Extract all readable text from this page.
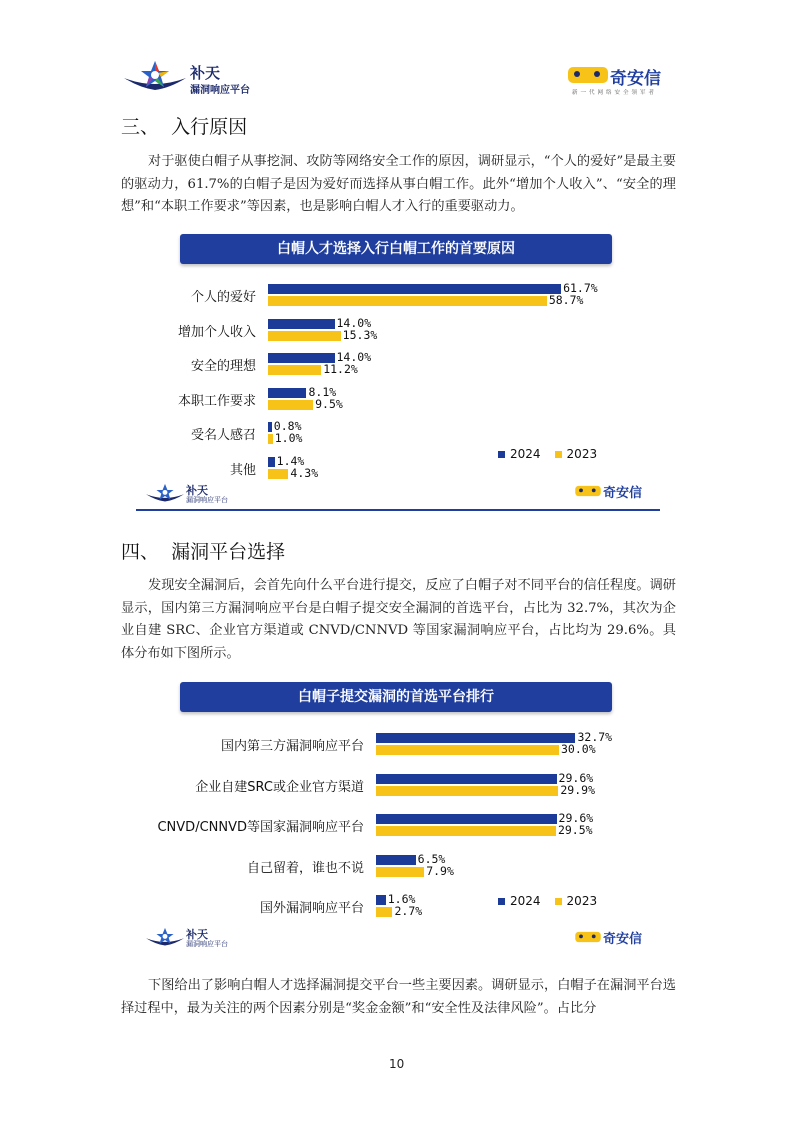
补天
漏洞响应平台
奇安信
新一代网络安全领军者
三、  入行原因
对于驱使白帽子从事挖洞、攻防等网络安全工作的原因，调研显示，“个人的爱好”是最主要的驱动力，61.7%的白帽子是因为爱好而选择从事白帽工作。此外“增加个人收入”、“安全的理想”和“本职工作要求”等因素，也是影响白帽人才入行的重要驱动力。
白帽人才选择入行白帽工作的首要原因
个人的爱好
61.7%
58.7%
增加个人收入
14.0%
15.3%
安全的理想
14.0%
11.2%
本职工作要求
8.1%
9.5%
受名人感召
0.8%
1.0%
其他
1.4%
4.3%
2024 2023
补天
漏洞响应平台	奇安信
四、  漏洞平台选择
发现安全漏洞后，会首先向什么平台进行提交，反应了白帽子对不同平台的信任程度。调研显示，国内第三方漏洞响应平台是白帽子提交安全漏洞的首选平台，占比为 32.7%，其次为企业自建 SRC、企业官方渠道或 CNVD/CNNVD 等国家漏洞响应平台，占比均为 29.6%。具体分布如下图所示。
白帽子提交漏洞的首选平台排行
国内第三方漏洞响应平台
32.7%
30.0%
企业自建SRC或企业官方渠道
29.6%
29.9%
CNVD/CNNVD等国家漏洞响应平台
29.6%
29.5%
自己留着，谁也不说
6.5%
7.9%
国外漏洞响应平台
1.6%
2.7%
2024 2023
补天
漏洞响应平台	奇安信
下图给出了影响白帽人才选择漏洞提交平台一些主要因素。调研显示，白帽子在漏洞平台选择过程中，最为关注的两个因素分别是“奖金金额”和“安全性及法律风险”。占比分
10
